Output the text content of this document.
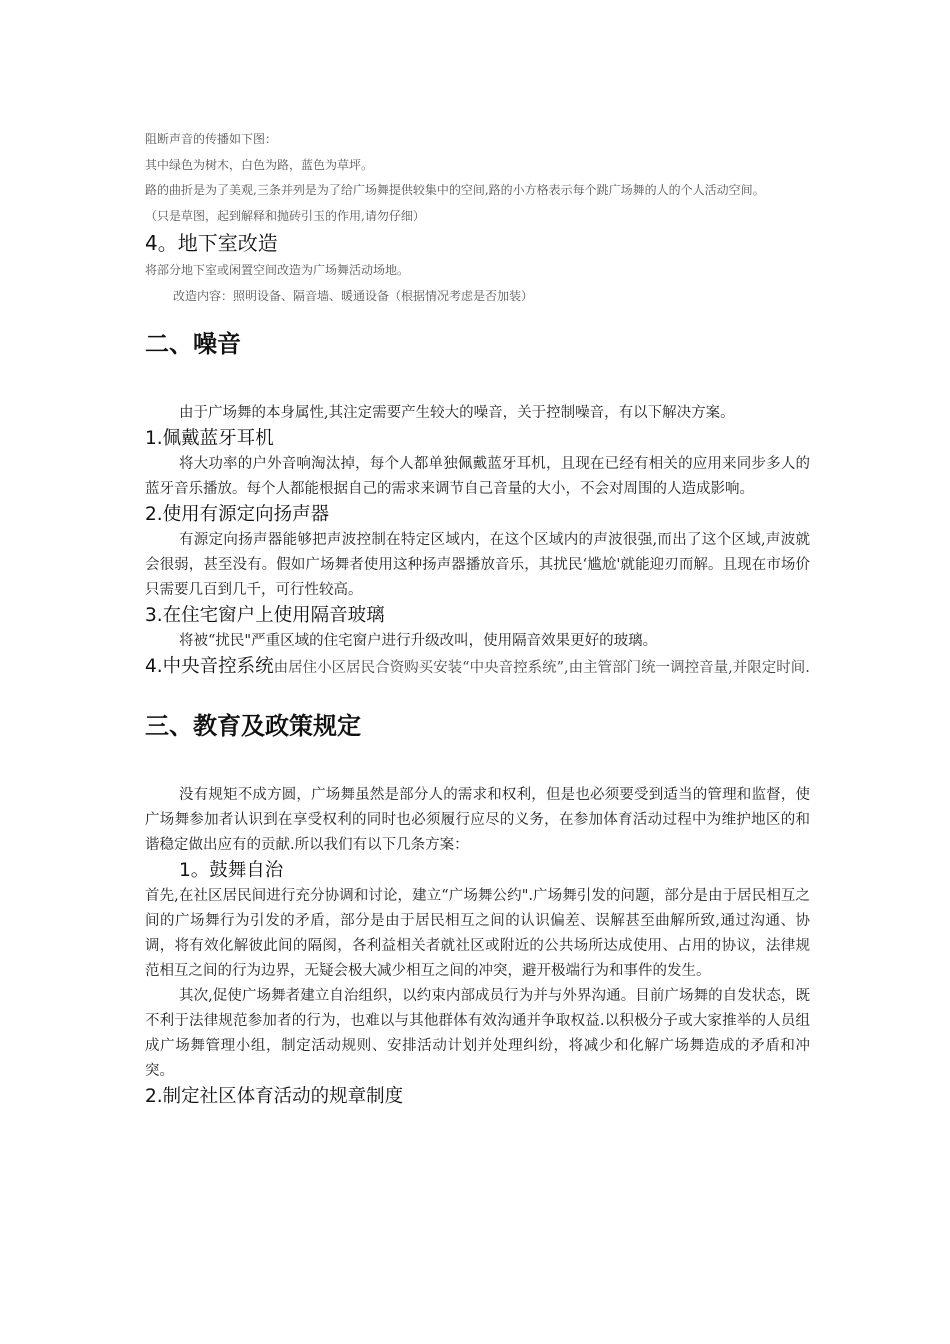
阻断声音的传播如下图：

其中绿色为树木，白色为路，蓝色为草坪。

路的曲折是为了美观,三条并列是为了给广场舞提供较集中的空间,路的小方格表示每个跳广场舞的人的个人活动空间。

（只是草图，起到解释和抛砖引玉的作用,请勿仔细）

4。地下室改造

将部分地下室或闲置空间改造为广场舞活动场地。

改造内容：照明设备、隔音墙、暖通设备（根据情况考虑是否加装）

二、噪音

由于广场舞的本身属性,其注定需要产生较大的噪音，关于控制噪音，有以下解决方案。

1.佩戴蓝牙耳机

将大功率的户外音响淘汰掉，每个人都单独佩戴蓝牙耳机，且现在已经有相关的应用来同步多人的蓝牙音乐播放。每个人都能根据自己的需求来调节自己音量的大小，不会对周围的人造成影响。

2.使用有源定向扬声器

有源定向扬声器能够把声波控制在特定区域内，在这个区域内的声波很强,而出了这个区域,声波就会很弱，甚至没有。假如广场舞者使用这种扬声器播放音乐，其扰民‘尴尬'就能迎刃而解。且现在市场价只需要几百到几千，可行性较高。

3.在住宅窗户上使用隔音玻璃

将被“扰民"严重区域的住宅窗户进行升级改叫，使用隔音效果更好的玻璃。

4.中央音控系统由居住小区居民合资购买安装“中央音控系统”,由主管部门统一调控音量,并限定时间.

三、教育及政策规定

没有规矩不成方圆，广场舞虽然是部分人的需求和权利，但是也必须要受到适当的管理和监督，使广场舞参加者认识到在享受权利的同时也必须履行应尽的义务，在参加体育活动过程中为维护地区的和谐稳定做出应有的贡献.所以我们有以下几条方案：

1。鼓舞自治

首先,在社区居民间进行充分协调和讨论，建立“广场舞公约".广场舞引发的问题，部分是由于居民相互之间的广场舞行为引发的矛盾，部分是由于居民相互之间的认识偏差、误解甚至曲解所致,通过沟通、协调，将有效化解彼此间的隔阂，各利益相关者就社区或附近的公共场所达成使用、占用的协议，法律规范相互之间的行为边界，无疑会极大减少相互之间的冲突，避开极端行为和事件的发生。

其次,促使广场舞者建立自治组织，以约束内部成员行为并与外界沟通。目前广场舞的自发状态，既不利于法律规范参加者的行为，也难以与其他群体有效沟通并争取权益.以积极分子或大家推举的人员组成广场舞管理小组，制定活动规则、安排活动计划并处理纠纷，将减少和化解广场舞造成的矛盾和冲突。

2.制定社区体育活动的规章制度
